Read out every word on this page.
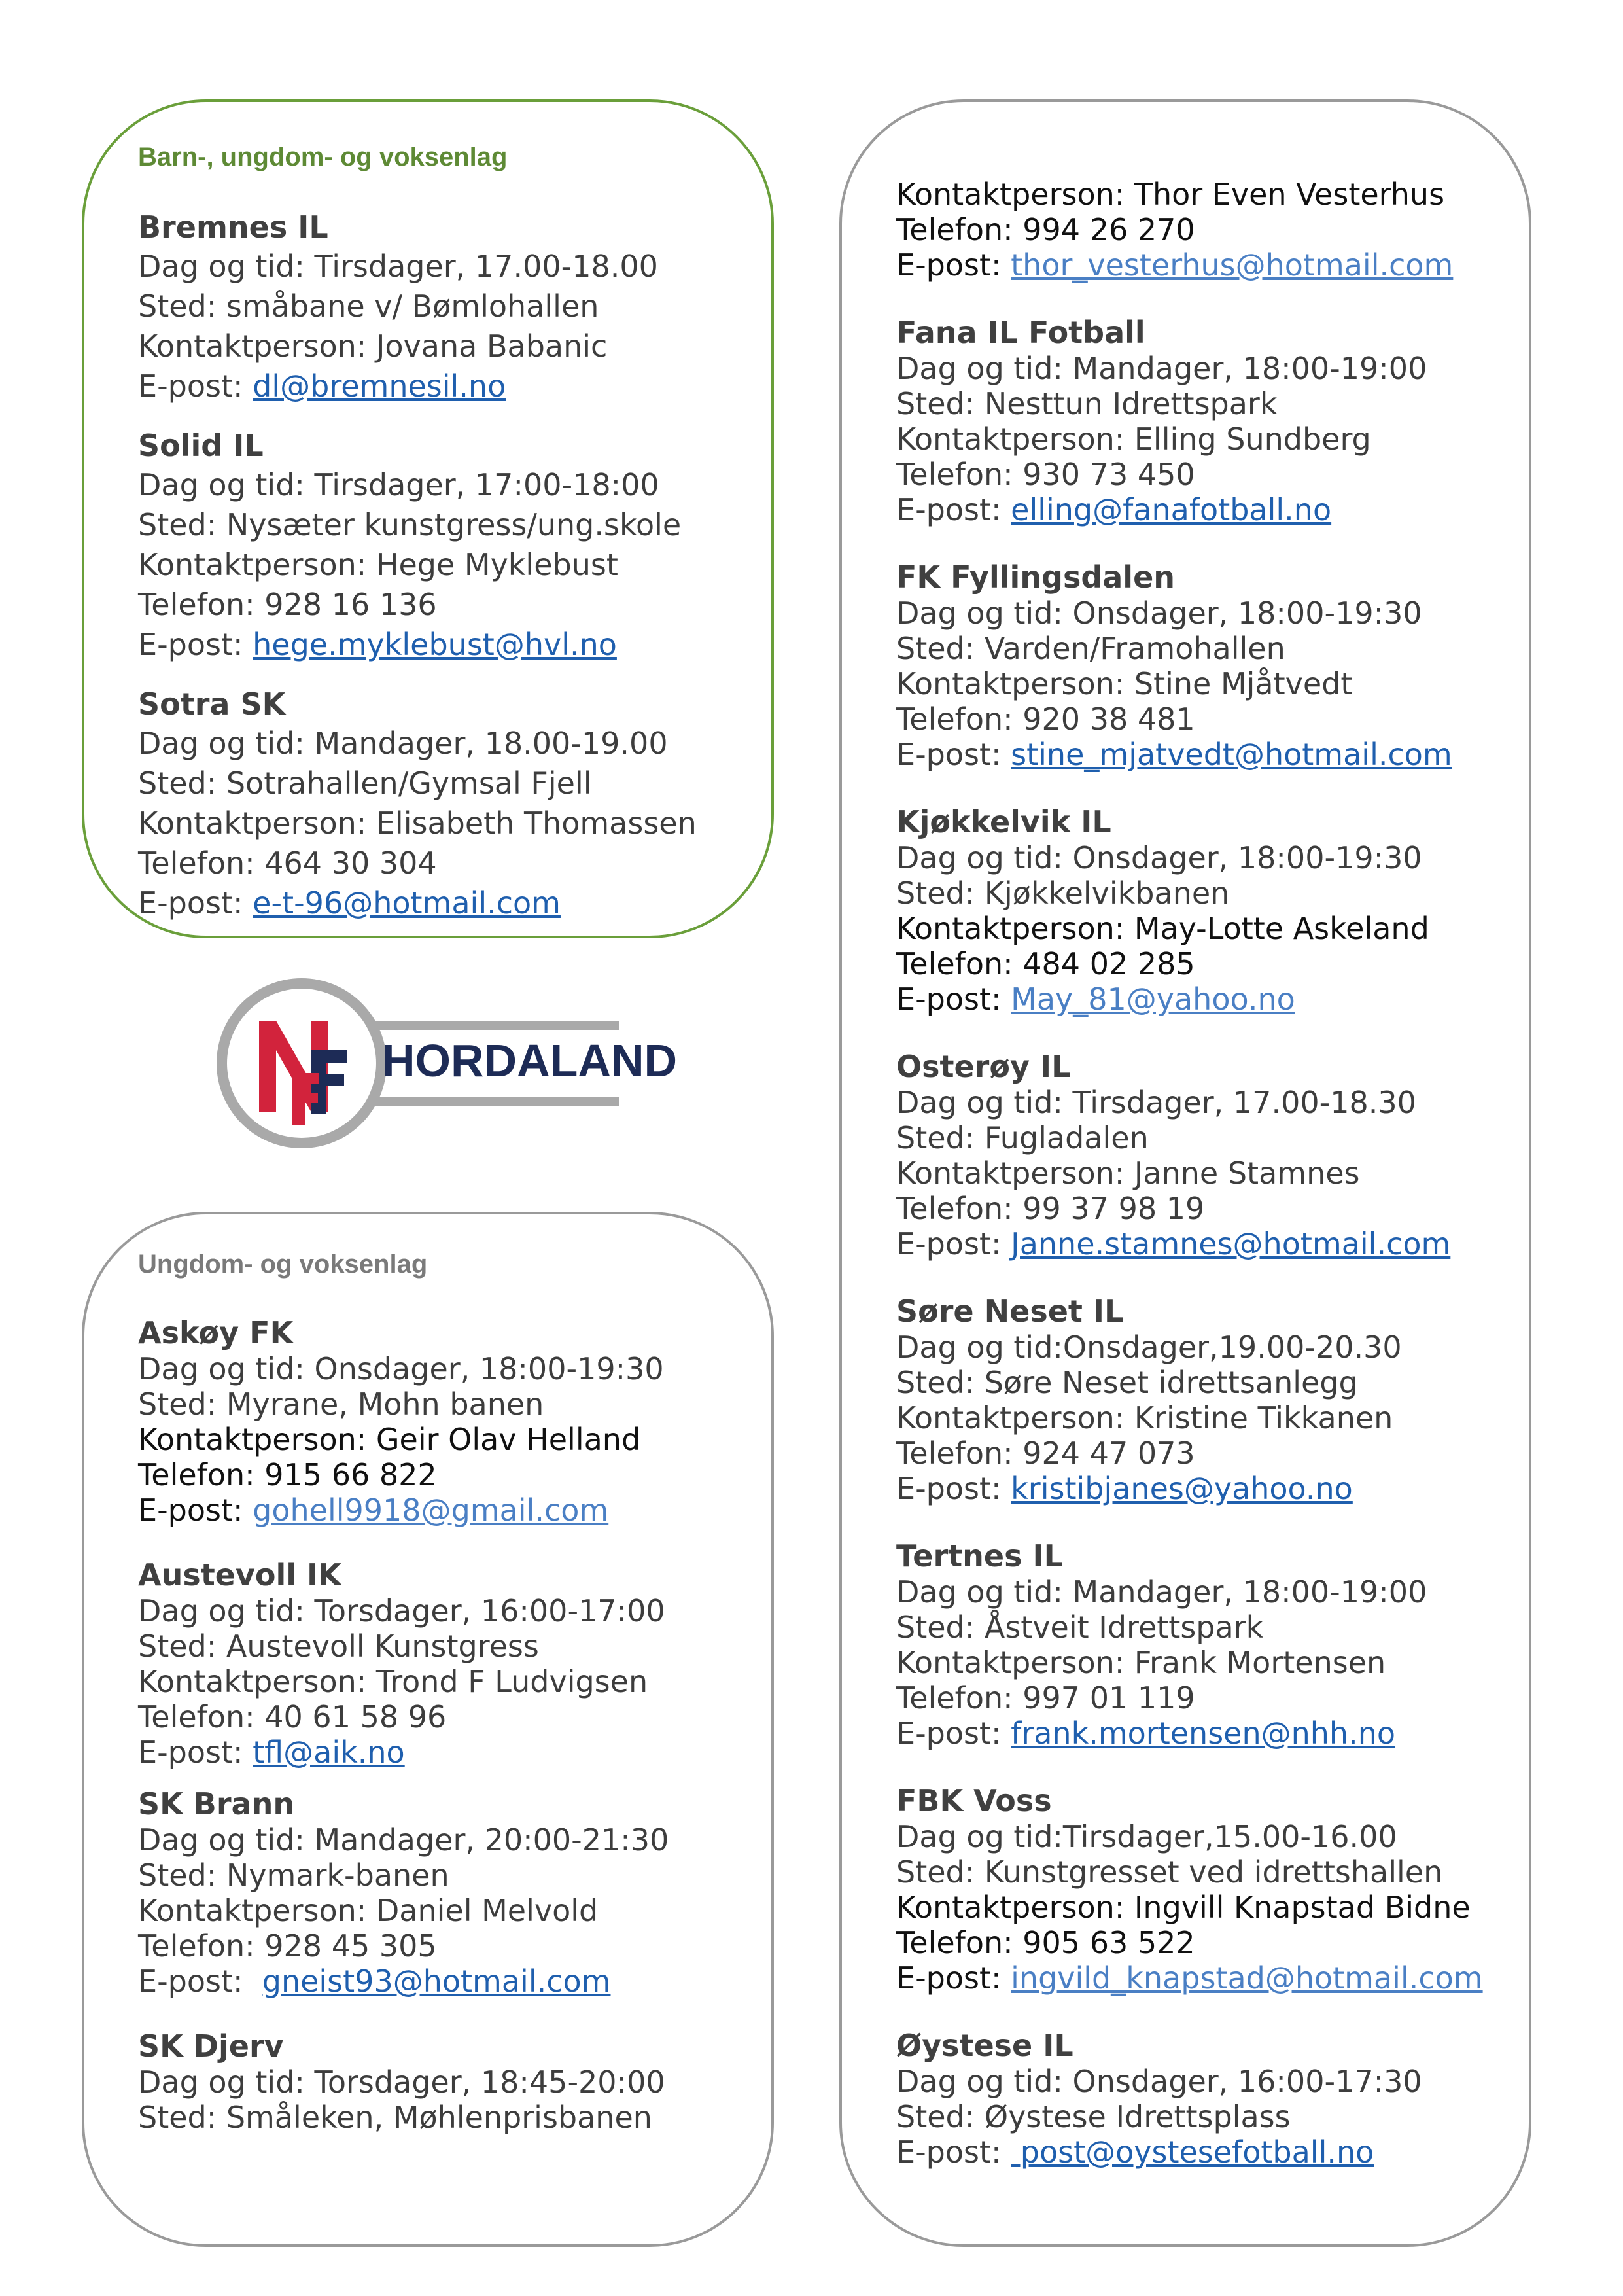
Barn-, ungdom- og voksenlag
Bremnes IL
Dag og tid: Tirsdager, 17.00-18.00
Sted: småbane v/ Bømlohallen
Kontaktperson: Jovana Babanic
E-post: dl@bremnesil.no
Solid IL
Dag og tid: Tirsdager, 17:00-18:00
Sted: Nysæter kunstgress/ung.skole
Kontaktperson: Hege Myklebust
Telefon: 928 16 136
E-post: hege.myklebust@hvl.no
Sotra SK
Dag og tid: Mandager, 18.00-19.00
Sted: Sotrahallen/Gymsal Fjell
Kontaktperson: Elisabeth Thomassen
Telefon: 464 30 304
E-post: e-t-96@hotmail.com
HORDALAND
Ungdom- og voksenlag
Askøy FK
Dag og tid: Onsdager, 18:00-19:30
Sted: Myrane, Mohn banen
Kontaktperson: Geir Olav Helland
Telefon: 915 66 822
E-post: gohell9918@gmail.com
Austevoll IK
Dag og tid: Torsdager, 16:00-17:00
Sted: Austevoll Kunstgress
Kontaktperson: Trond F Ludvigsen
Telefon: 40 61 58 96
E-post: tfl@aik.no
SK Brann
Dag og tid: Mandager, 20:00-21:30
Sted: Nymark-banen
Kontaktperson: Daniel Melvold
Telefon: 928 45 305
E-post:  gneist93@hotmail.com
SK Djerv
Dag og tid: Torsdager, 18:45-20:00
Sted: Småleken, Møhlenprisbanen
Kontaktperson: Thor Even Vesterhus
Telefon: 994 26 270
E-post: thor_vesterhus@hotmail.com
Fana IL Fotball
Dag og tid: Mandager, 18:00-19:00
Sted: Nesttun Idrettspark
Kontaktperson: Elling Sundberg
Telefon: 930 73 450
E-post: elling@fanafotball.no
FK Fyllingsdalen
Dag og tid: Onsdager, 18:00-19:30
Sted: Varden/Framohallen
Kontaktperson: Stine Mjåtvedt
Telefon: 920 38 481
E-post: stine_mjatvedt@hotmail.com
Kjøkkelvik IL
Dag og tid: Onsdager, 18:00-19:30
Sted: Kjøkkelvikbanen
Kontaktperson: May-Lotte Askeland
Telefon: 484 02 285
E-post: May_81@yahoo.no
Osterøy IL
Dag og tid: Tirsdager, 17.00-18.30
Sted: Fugladalen
Kontaktperson: Janne Stamnes
Telefon: 99 37 98 19
E-post: Janne.stamnes@hotmail.com
Søre Neset IL
Dag og tid:Onsdager,19.00-20.30
Sted: Søre Neset idrettsanlegg
Kontaktperson: Kristine Tikkanen
Telefon: 924 47 073
E-post: kristibjanes@yahoo.no
Tertnes IL
Dag og tid: Mandager, 18:00-19:00
Sted: Åstveit Idrettspark
Kontaktperson: Frank Mortensen
Telefon: 997 01 119
E-post: frank.mortensen@nhh.no
FBK Voss
Dag og tid:Tirsdager,15.00-16.00
Sted: Kunstgresset ved idrettshallen
Kontaktperson: Ingvill Knapstad Bidne
Telefon: 905 63 522
E-post: ingvild_knapstad@hotmail.com
Øystese IL
Dag og tid: Onsdager, 16:00-17:30
Sted: Øystese Idrettsplass
E-post:  post@oystesefotball.no
